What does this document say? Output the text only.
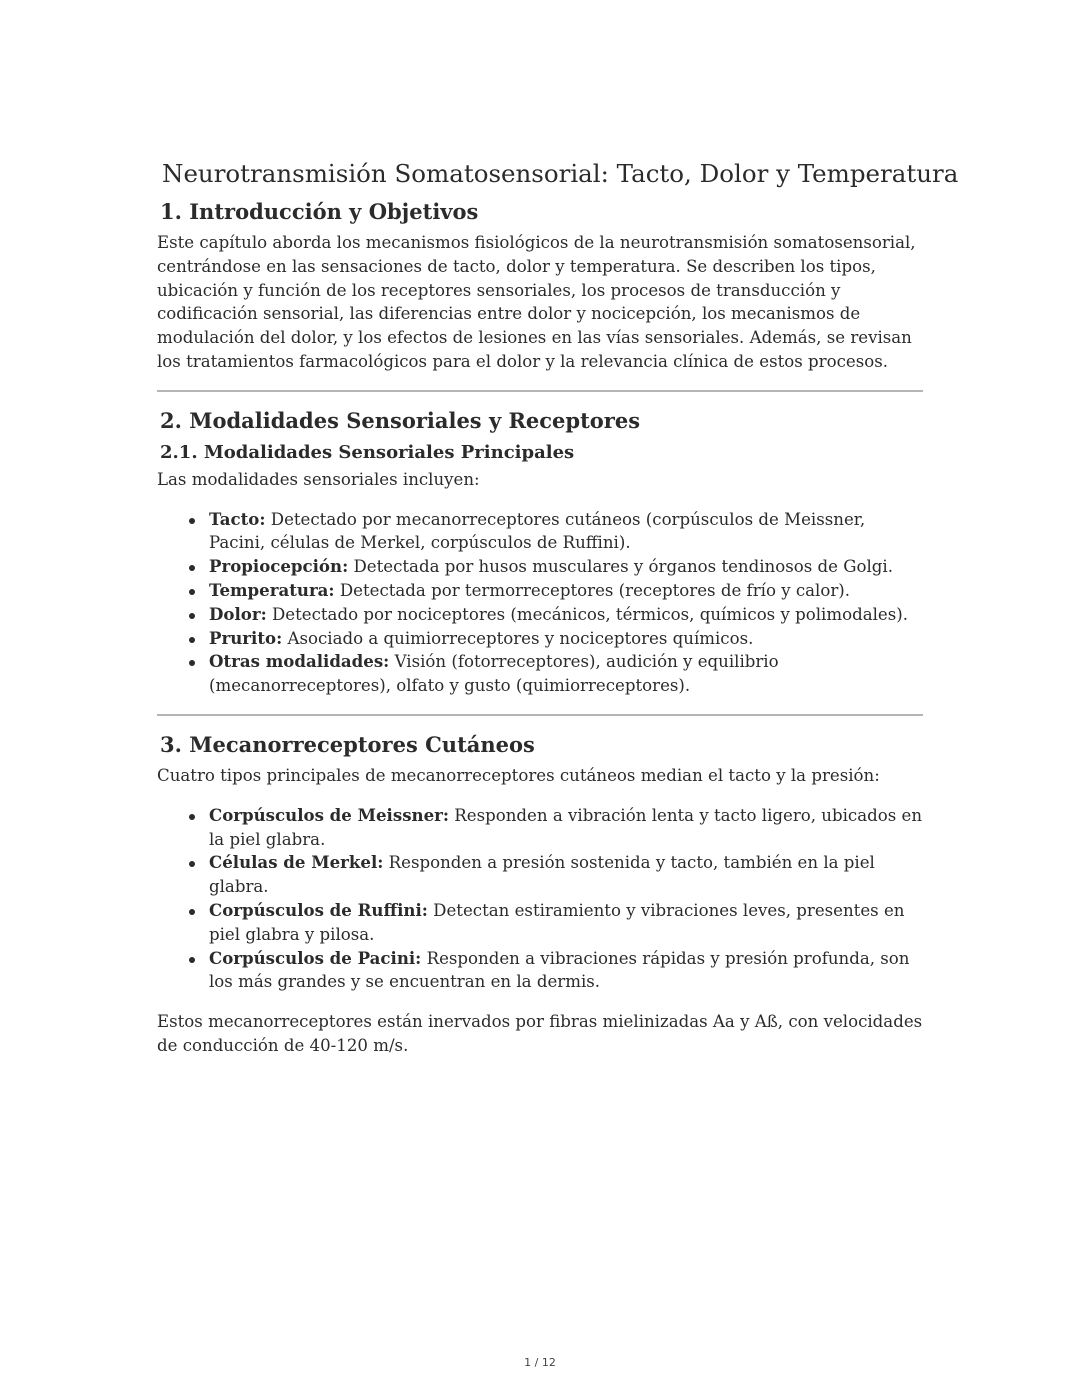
Neurotransmisión Somatosensorial: Tacto, Dolor y Temperatura
1. Introducción y Objetivos

Este capítulo aborda los mecanismos fisiológicos de la neurotransmisión somatosensorial, centrándose en las sensaciones de tacto, dolor y temperatura. Se describen los tipos, ubicación y función de los receptores sensoriales, los procesos de transducción y codificación sensorial, las diferencias entre dolor y nocicepción, los mecanismos de modulación del dolor, y los efectos de lesiones en las vías sensoriales. Además, se revisan los tratamientos farmacológicos para el dolor y la relevancia clínica de estos procesos.

2. Modalidades Sensoriales y Receptores
2.1. Modalidades Sensoriales Principales

Las modalidades sensoriales incluyen:

Tacto: Detectado por mecanorreceptores cutáneos (corpúsculos de Meissner, Pacini, células de Merkel, corpúsculos de Ruffini).
Propiocepción: Detectada por husos musculares y órganos tendinosos de Golgi.
Temperatura: Detectada por termorreceptores (receptores de frío y calor).
Dolor: Detectado por nociceptores (mecánicos, térmicos, químicos y polimodales).
Prurito: Asociado a quimiorreceptores y nociceptores químicos.
Otras modalidades: Visión (fotorreceptores), audición y equilibrio (mecanorreceptores), olfato y gusto (quimiorreceptores).
3. Mecanorreceptores Cutáneos

Cuatro tipos principales de mecanorreceptores cutáneos median el tacto y la presión:

Corpúsculos de Meissner: Responden a vibración lenta y tacto ligero, ubicados en la piel glabra.
Células de Merkel: Responden a presión sostenida y tacto, también en la piel glabra.
Corpúsculos de Ruffini: Detectan estiramiento y vibraciones leves, presentes en piel glabra y pilosa.
Corpúsculos de Pacini: Responden a vibraciones rápidas y presión profunda, son los más grandes y se encuentran en la dermis.

Estos mecanorreceptores están inervados por fibras mielinizadas Aa y Aß, con velocidades de conducción de 40-120 m/s.

1 / 12
